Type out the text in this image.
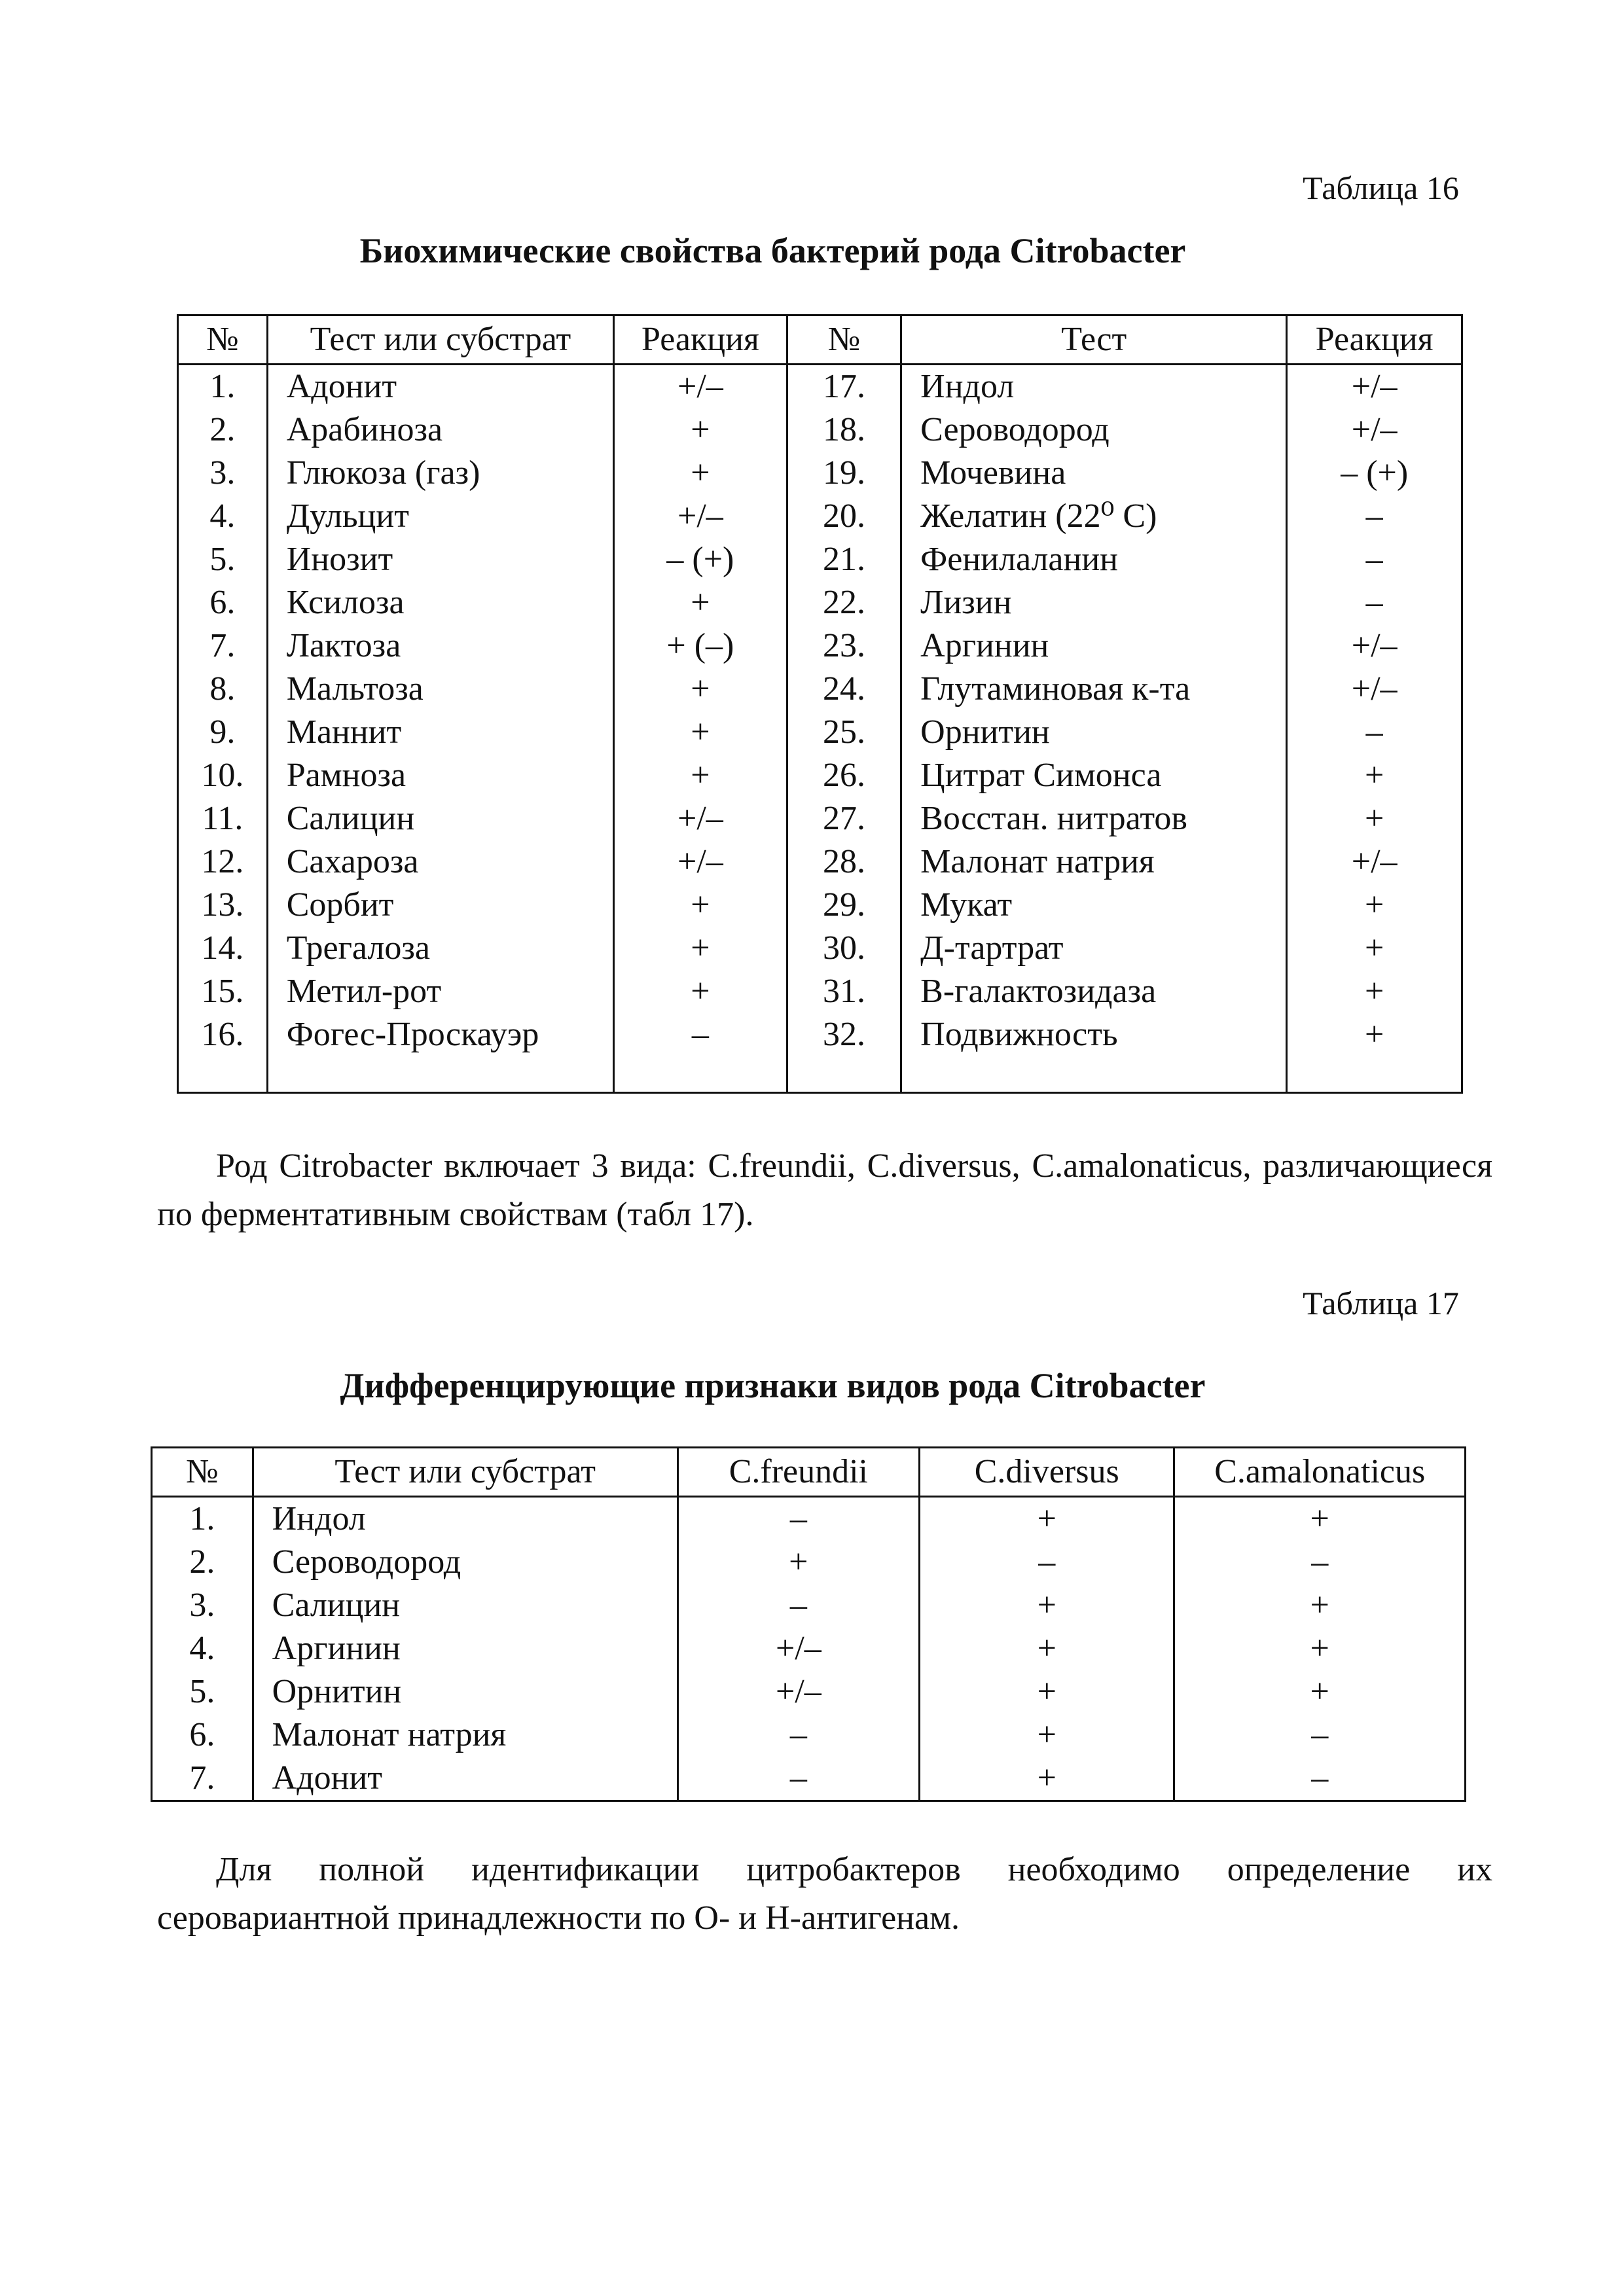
Таблица 16
Биохимические свойства бактерий рода Citrobacter
№	Тест или субстрат	Реакция	№	Тест	Реакция
1.	Адонит	+/–	17.	Индол	+/–
2.	Арабиноза	+	18.	Сероводород	+/–
3.	Глюкоза (газ)	+	19.	Мочевина	– (+)
4.	Дульцит	+/–	20.	Желатин (22⁰ С)	–
5.	Инозит	– (+)	21.	Фенилаланин	–
6.	Ксилоза	+	22.	Лизин	–
7.	Лактоза	+ (–)	23.	Аргинин	+/–
8.	Мальтоза	+	24.	Глутаминовая к-та	+/–
9.	Маннит	+	25.	Орнитин	–
10.	Рамноза	+	26.	Цитрат Симонса	+
11.	Салицин	+/–	27.	Восстан. нитратов	+
12.	Сахароза	+/–	28.	Малонат натрия	+/–
13.	Сорбит	+	29.	Мукат	+
14.	Трегалоза	+	30.	Д-тартрат	+
15.	Метил-рот	+	31.	В-галактозидаза	+
16.	Фогес-Проскауэр	–	32.	Подвижность	+

Род Citrobacter включает 3 вида: C.freundii, C.diversus, C.amalonaticus, различающиеся по ферментативным свойствам (табл 17).
Таблица 17
Дифференцирующие признаки видов рода Citrobacter
№	Тест или субстрат	C.freundii	C.diversus	C.amalonaticus
1.	Индол	–	+	+
2.	Сероводород	+	–	–
3.	Салицин	–	+	+
4.	Аргинин	+/–	+	+
5.	Орнитин	+/–	+	+
6.	Малонат натрия	–	+	–
7.	Адонит	–	+	–
Для полной идентификации цитробактеров необходимо определение их серовариантной принадлежности по О- и Н-антигенам.
